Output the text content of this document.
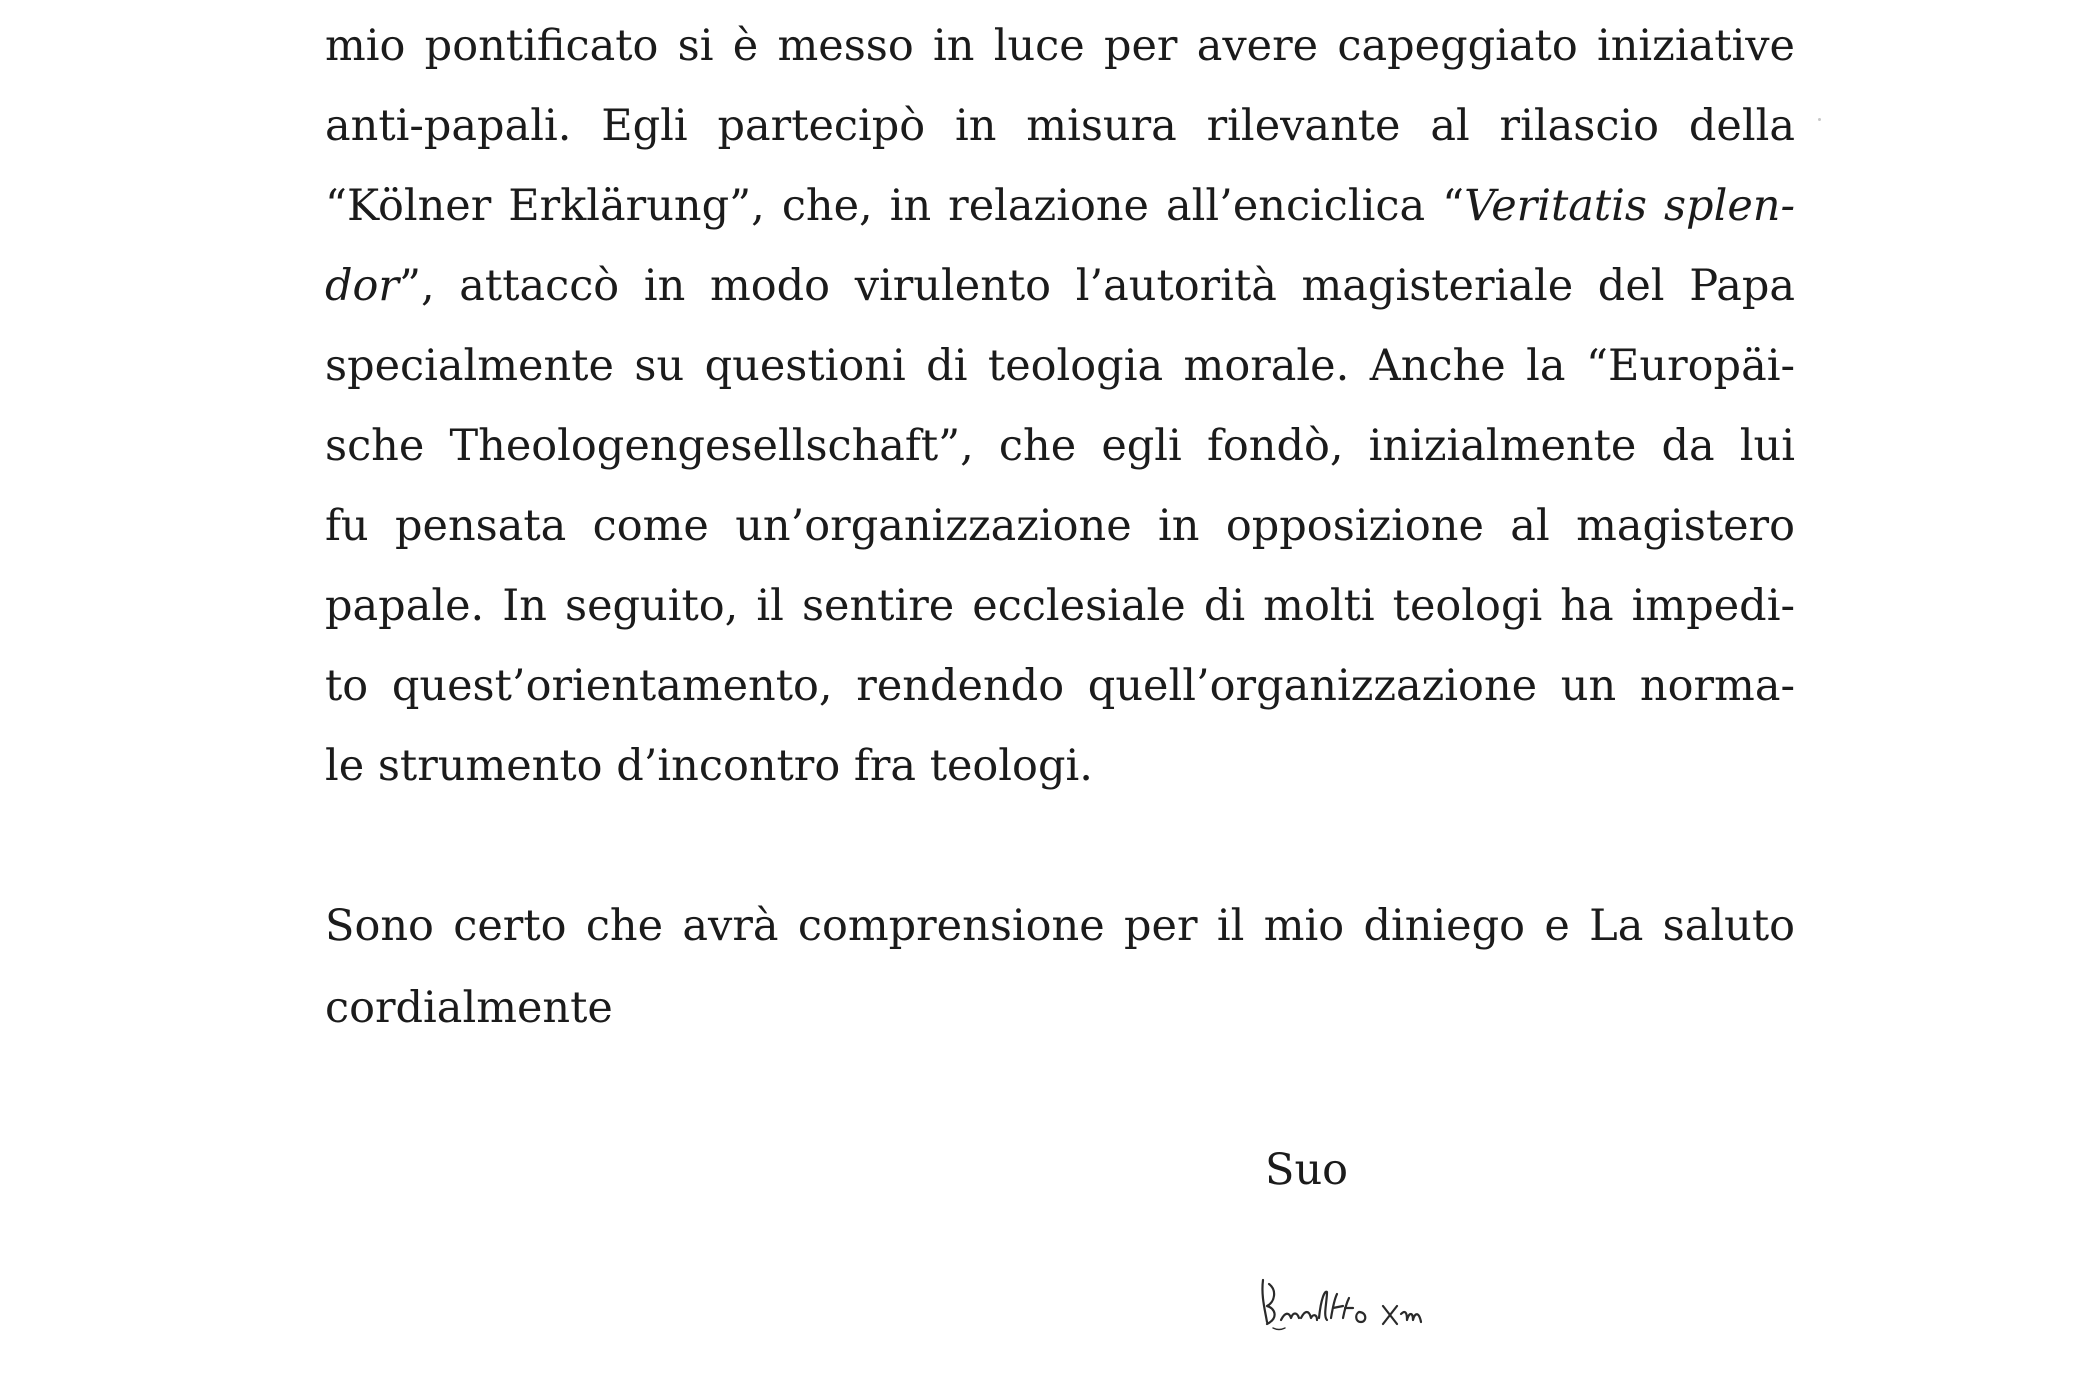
mio pontificato si è messo in luce per avere capeggiato iniziative
anti-papali. Egli partecipò in misura rilevante al rilascio della
“Kölner Erklärung”, che, in relazione all’enciclica “Veritatis splen-
dor”, attaccò in modo virulento l’autorità magisteriale del Papa
specialmente su questioni di teologia morale. Anche la “Europäi-
sche Theologengesellschaft”, che egli fondò, inizialmente da lui
fu pensata come un’organizzazione in opposizione al magistero
papale. In seguito, il sentire ecclesiale di molti teologi ha impedi-
to quest’orientamento, rendendo quell’organizzazione un norma-
le strumento d’incontro fra teologi.
Sono certo che avrà comprensione per il mio diniego e La saluto
cordialmente
Suo
